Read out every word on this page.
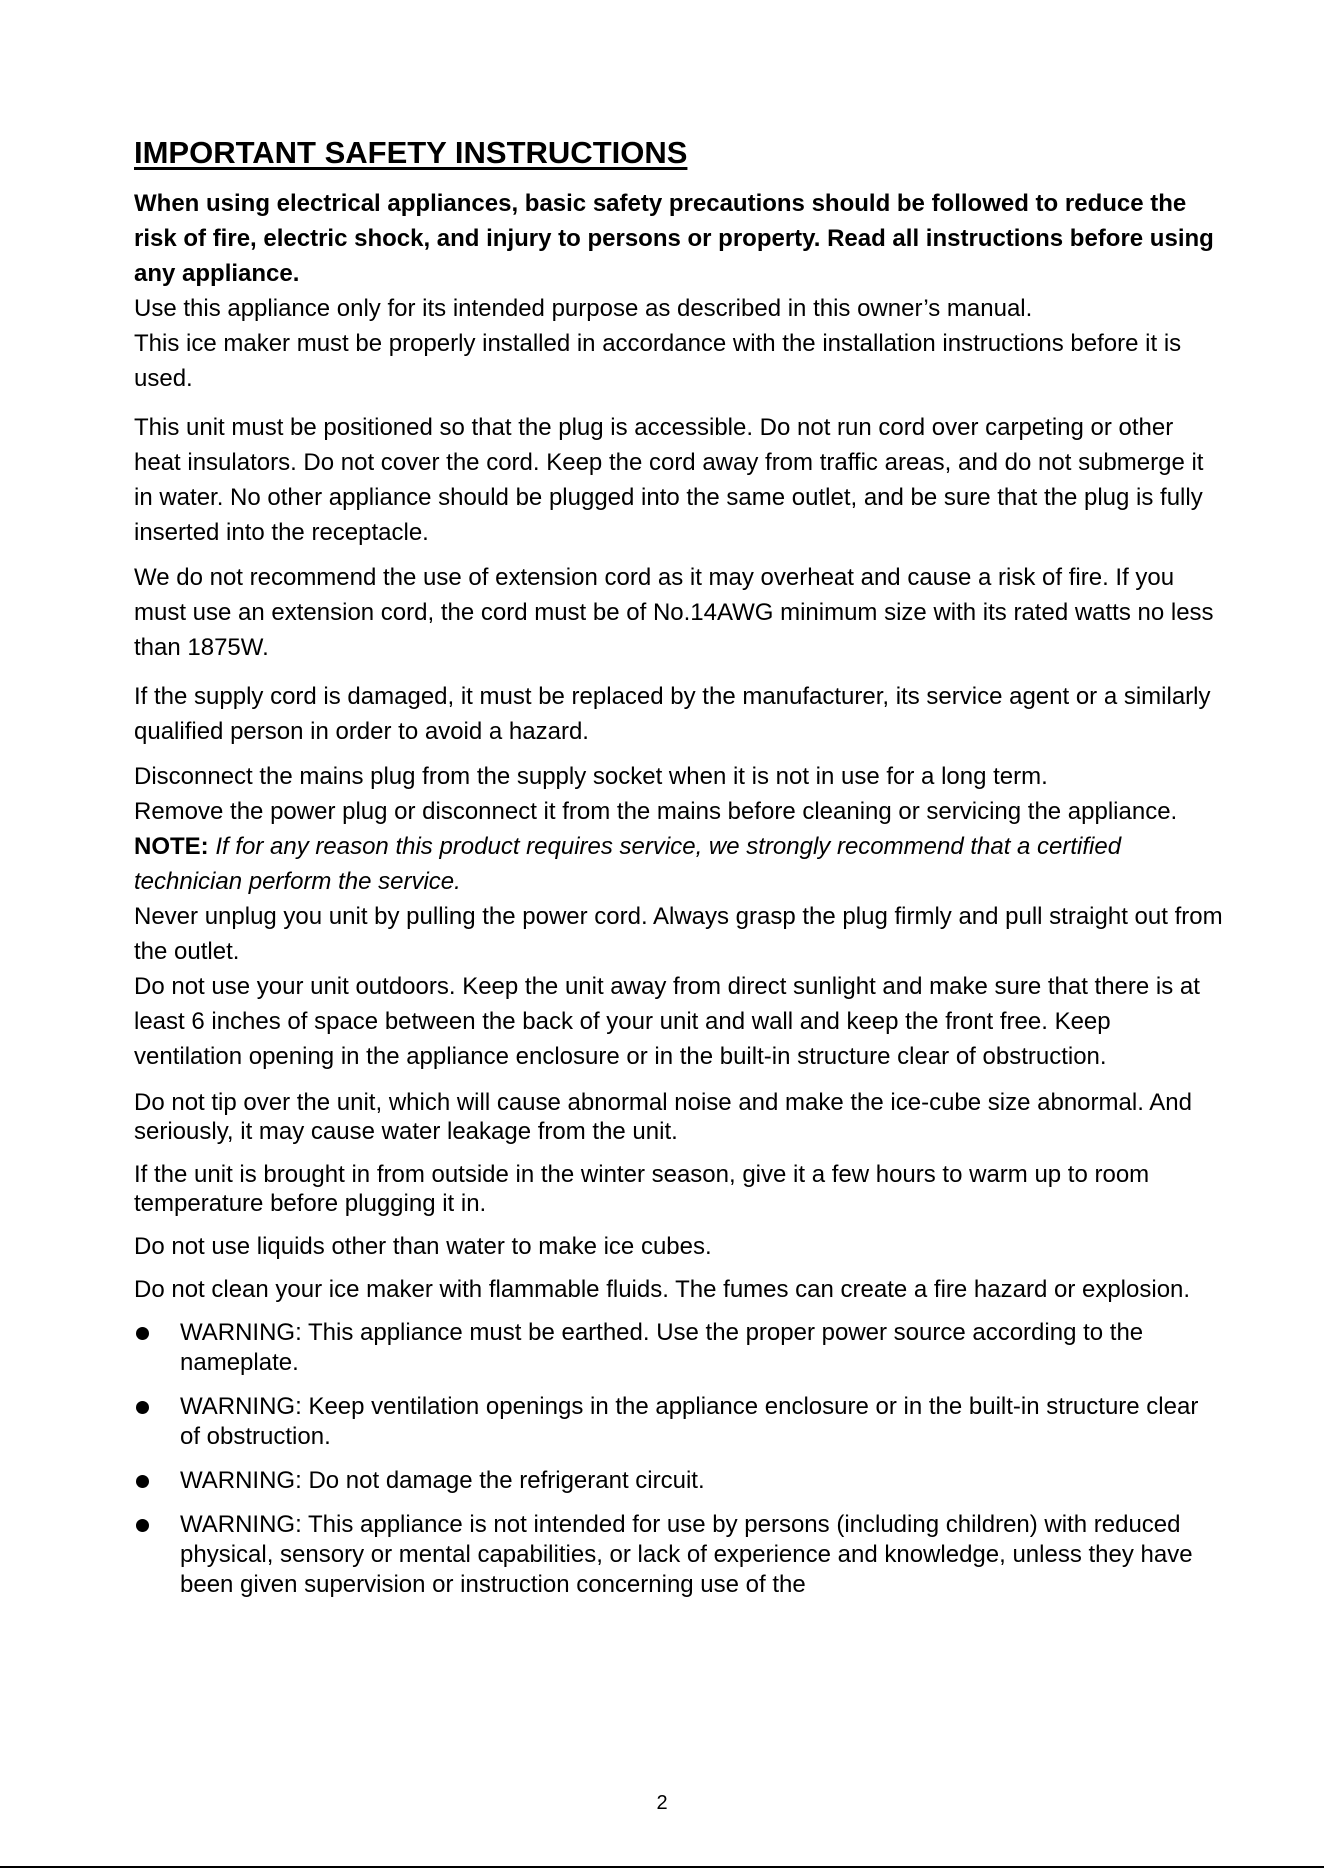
IMPORTANT SAFETY INSTRUCTIONS

When using electrical appliances, basic safety precautions should be followed to reduce the risk of fire, electric shock, and injury to persons or property. Read all instructions before using any appliance.

Use this appliance only for its intended purpose as described in this owner’s manual.

This ice maker must be properly installed in accordance with the installation instructions before it is used.

This unit must be positioned so that the plug is accessible. Do not run cord over carpeting or other heat insulators. Do not cover the cord. Keep the cord away from traffic areas, and do not submerge it in water. No other appliance should be plugged into the same outlet, and be sure that the plug is fully inserted into the receptacle.

We do not recommend the use of extension cord as it may overheat and cause a risk of fire. If you must use an extension cord, the cord must be of No.14AWG minimum size with its rated watts no less than 1875W.

If the supply cord is damaged, it must be replaced by the manufacturer, its service agent or a similarly qualified person in order to avoid a hazard.

Disconnect the mains plug from the supply socket when it is not in use for a long term.

Remove the power plug or disconnect it from the mains before cleaning or servicing the appliance. NOTE: If for any reason this product requires service, we strongly recommend that a certified technician perform the service.

Never unplug you unit by pulling the power cord. Always grasp the plug firmly and pull straight out from the outlet.

Do not use your unit outdoors. Keep the unit away from direct sunlight and make sure that there is at least 6 inches of space between the back of your unit and wall and keep the front free. Keep ventilation opening in the appliance enclosure or in the built-in structure clear of obstruction.

Do not tip over the unit, which will cause abnormal noise and make the ice-cube size abnormal. And seriously, it may cause water leakage from the unit.

If the unit is brought in from outside in the winter season, give it a few hours to warm up to room temperature before plugging it in.

Do not use liquids other than water to make ice cubes.

Do not clean your ice maker with flammable fluids. The fumes can create a fire hazard or explosion.

WARNING: This appliance must be earthed. Use the proper power source according to the nameplate.
WARNING: Keep ventilation openings in the appliance enclosure or in the built-in structure clear of obstruction.
WARNING: Do not damage the refrigerant circuit.
WARNING: This appliance is not intended for use by persons (including children) with reduced physical, sensory or mental capabilities, or lack of experience and knowledge, unless they have been given supervision or instruction concerning use of the
2
